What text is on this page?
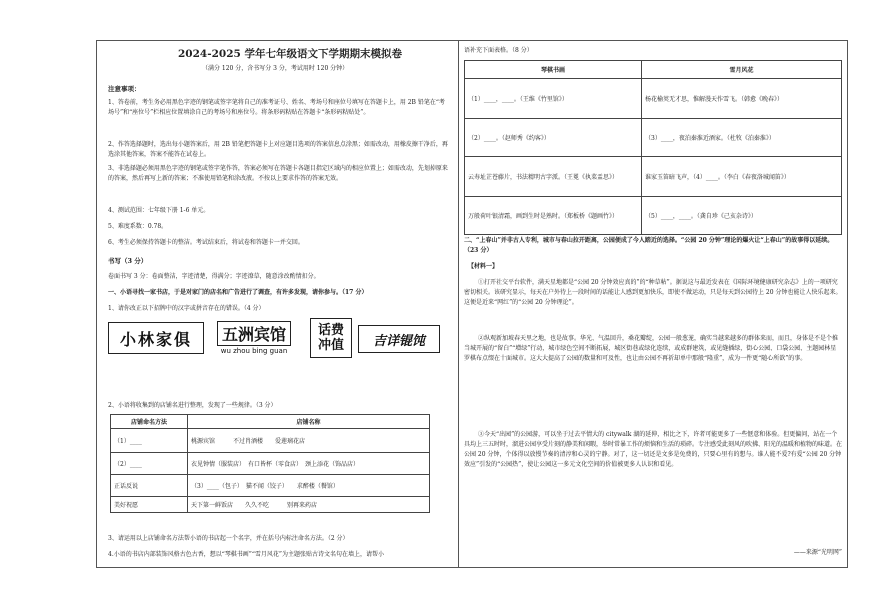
2024-2025 学年七年级语文下学期期末模拟卷
（满分 120 分，含书写分 3 分，考试用时 120 分钟）
注意事项：
1、答卷前，考生务必用黑色字迹的钢笔或签字笔将自己的准考证号、姓名、考场号和座位号填写在答题卡上，用 2B 铅笔在“考场号”和“座位号”栏相应位置填涂自己的考场号和座位号。将条形码粘贴在答题卡“条形码粘贴处”。
2、作答选择题时，选出每小题答案后，用 2B 铅笔把答题卡上对应题目选项的答案信息点涂黑；如需改动，用橡皮擦干净后，再选涂其他答案，答案不能答在试卷上。
3、非选择题必须用黑色字迹的钢笔或签字笔作答，答案必须写在答题卡各题目指定区域内的相应位置上；如需改动，先划掉原来的答案，然后再写上新的答案；不准使用铅笔和涂改液。不按以上要求作答的答案无效。
4、测试范围：七年级下册 1-6 单元。
5、难度系数：0.78。
6、考生必须保持答题卡的整洁。考试结束后，将试卷和答题卡一并交回。
书写（3 分）
卷面书写 3 分：卷面整洁，字迹清楚，得满分；字迹潦草，随意涂改酌情扣分。
一、小语寻找一家书店，于是对家门的店名和广告进行了调查，有许多发现，请你参与。（17 分）
1、请你改正以下招牌中的汉字或拼音存在的错误。（4 分）
小林家俱	五洲宾馆
wu zhou bing guan
话费
冲值 吉详锟饨
2、小语将收集到的店铺名进行整理，发现了一些规律。（3 分）
店铺命名方法	店铺名称
（1）____	桃源宾馆　　　不过肖酒楼　　爱莲璃花店
（2）____	衣见钟情（服装店）　有口皆杯（零食店）　颈上添花（饰品店）
正话反说	（3）____（包子）　猫不闻（饺子）　　求醉楼（餐馆）
美好祝愿	天下第一鲜饭店　　久久不吃　　　别再来药店
3、请运用以上店铺命名方法帮小语的书店起一个名字，并在括号内标注命名方法。（2 分）
4.小语的书店内部装饰风格古色古香，想以“琴棋书画”“雪月风花”为主题张贴古诗文名句在墙上，请帮小
语补充下面表格。（8 分）
琴棋书画	雪月风花
（1）____，____。（王维《竹里馆》）	杨花榆荚无才思，惟解漫天作雪飞。（韩愈《晚春》）
（2）____。（赵师秀《约客》）	（3）____，夜泊秦淮近酒家。（杜牧《泊秦淮》）
云寿址芷苍藤片，书法精明古字派。（王冕《执菜盂思》）	谁家玉笛暗飞声，（4）____。（李白《春夜洛城闻笛》）
万般荷叶银清霜，画到生时是熟时。（郑板桥《题画竹》）	（5）____，____。（龚自珍《己亥杂诗》）
二、“上春山”并非古人专利，城市与春山拉开距离，公园便成了今人踏近的选择。“公园 20 分钟”理论的爆火让“上春山”的故事得以延续。（23 分）
【材料一】
①打开社交平台软件，满天星地都是“公园 20 分钟效应真的”的“种草帖”。据说这与最近发表在《国际环境健康研究杂志》上的一项研究密切相关。该研究显示，每天在户外待上一段时间的话能让人感到更加快乐，即使不做运动，只是每天到公园待上 20 分钟也能让人快乐起来。这便是近来“网红”的“公园 20 分钟理论”。
②纵观新加坡春天里之地，也是故事。华光、气温回升，桑花瓣绽，公园一般葱茏，确实当越来越多的群体来而，而且，身体是不是个推当城开展的“留白”“增绿”行动，城市绿色空间不断拓展，城区街巷或绿化连续，或成群建筑，或见缝插绿，街心公园、口袋公园、主题园林星罗棋布点缀在十面城市。这大大提高了公园的数量和可及性，也让由公园不再祈却单中那般“隆重”，成为一件更“随心所欲”的事。
③今天“出园”的公园游，可以坐于过去平情大的 citywalk 湖的延伸，相比之下，许者可能更多了一些惬意和体验。但更偏问，站在一个具均上三五时时，溜进公园享受片刻的静美和闲暇，举时常暴工作的烦恼和生活的琐碎。专注感受此刻风的吹拂、阳光的温暖和植物的味道。在公园 20 分钟，个体得以放慢节奏的清淳和心灵的宁静。对了，这一切还是文多是免费的，只要心里有的想与。谁人能不爱?有爱“公园 20 分钟效应”引发的“公园热”，使让公园这一多元文化空间的价值被更多人认识和看见。
——来源“光明网”
